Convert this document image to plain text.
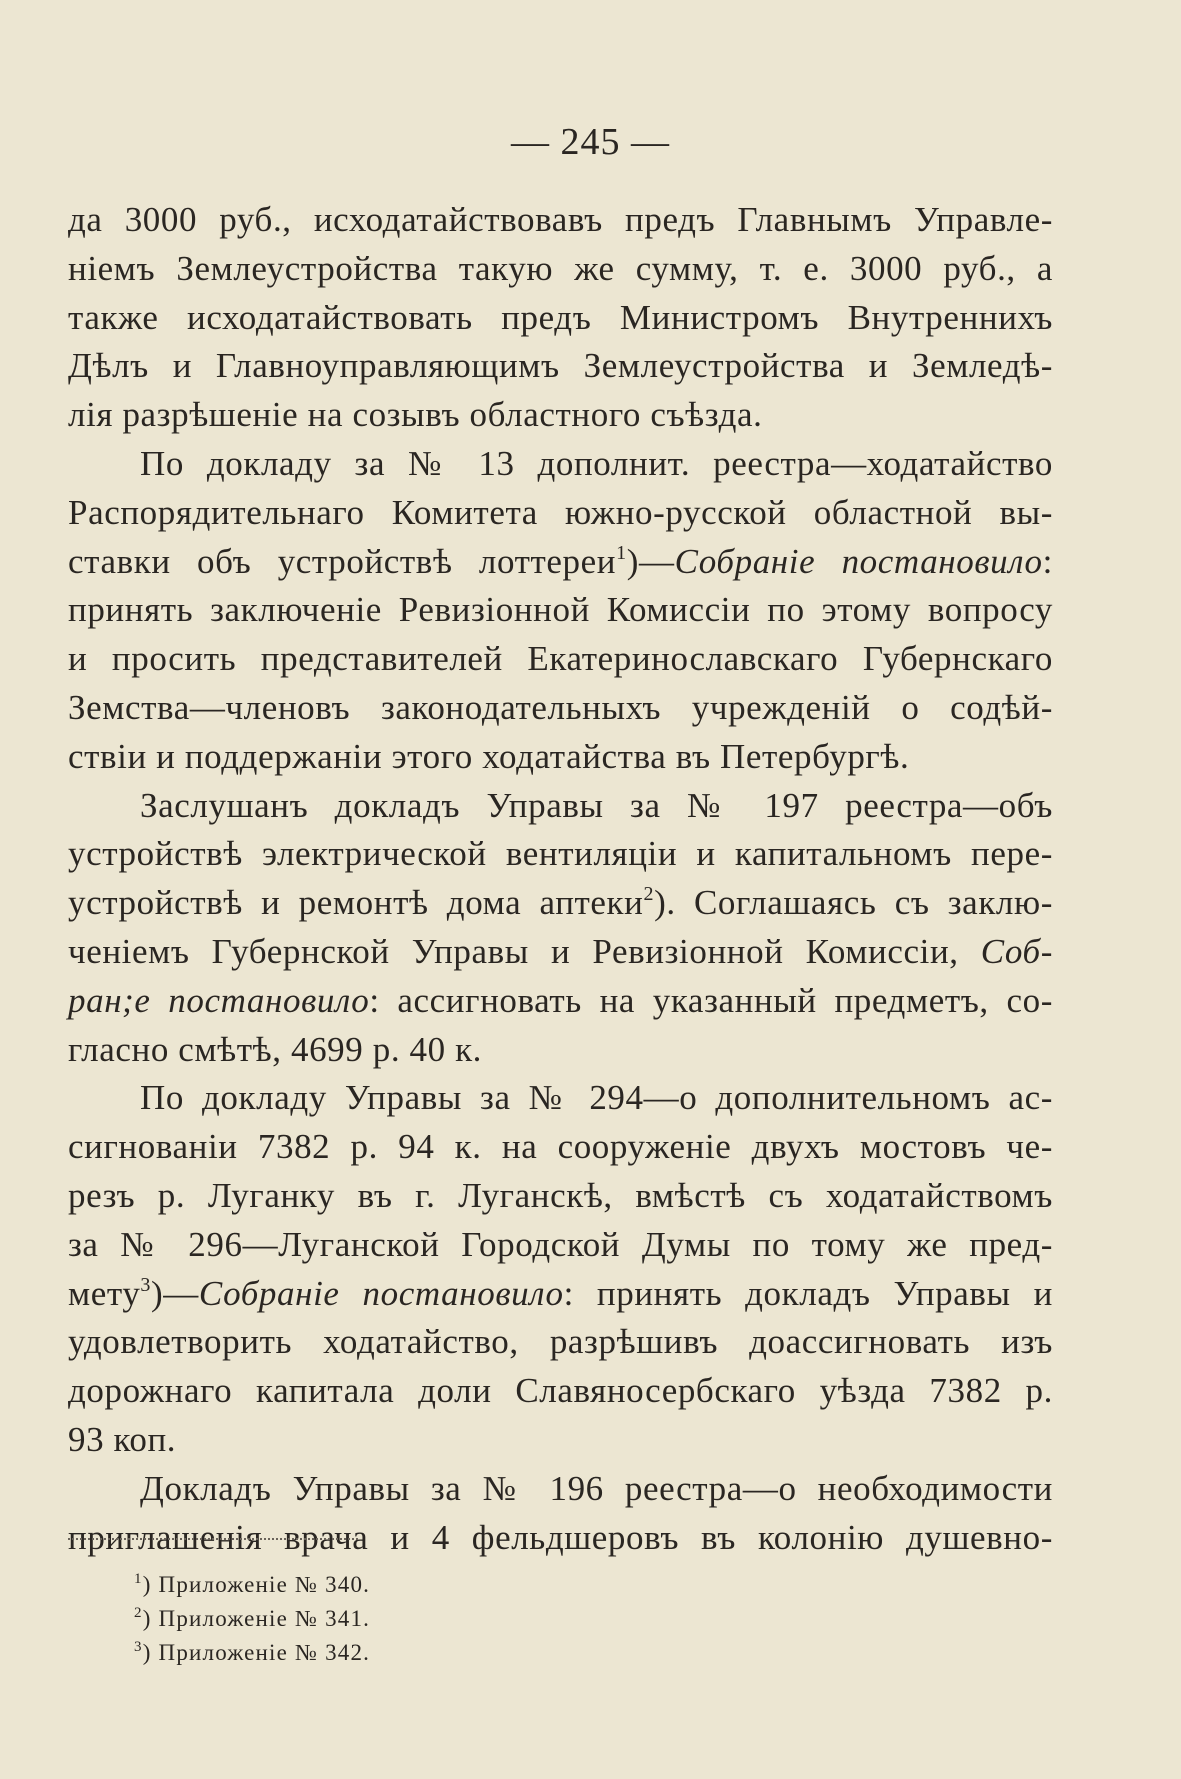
— 245 —
да 3000 руб., исходатайствовавъ предъ Главнымъ Управле-
ніемъ Землеустройства такую же сумму, т. е. 3000 руб., а
также исходатайствовать предъ Министромъ Внутреннихъ
Дѣлъ и Главноуправляющимъ Землеустройства и Земледѣ-
лія разрѣшеніе на созывъ областного съѣзда.
По докладу за № 13 дополнит. реестра—ходатайство
Распорядительнаго Комитета южно-русской областной вы-
ставки объ устройствѣ лоттереи$^1$)—Собраніе постановило:
принять заключеніе Ревизіонной Комиссіи по этому вопросу
и просить представителей Екатеринославскаго Губернскаго
Земства—членовъ законодательныхъ учрежденій о содѣй-
ствіи и поддержаніи этого ходатайства въ Петербургѣ.
Заслушанъ докладъ Управы за № 197 реестра—объ
устройствѣ электрической вентиляціи и капитальномъ пере-
устройствѣ и ремонтѣ дома аптеки$^2$). Соглашаясь съ заклю-
ченіемъ Губернской Управы и Ревизіонной Комиссіи, Соб-
ран;е постановило: ассигновать на указанный предметъ, со-
гласно смѣтѣ, 4699 р. 40 к.
По докладу Управы за № 294—о дополнительномъ ас-
сигнованіи 7382 р. 94 к. на сооруженіе двухъ мостовъ че-
резъ р. Луганку въ г. Луганскѣ, вмѣстѣ съ ходатайствомъ
за № 296—Луганской Городской Думы по тому же пред-
мету$^3$)—Собраніе постановило: принять докладъ Управы и
удовлетворить ходатайство, разрѣшивъ доассигновать изъ
дорожнаго капитала доли Славяносербскаго уѣзда 7382 р.
93 коп.
Докладъ Управы за № 196 реестра—о необходимости
приглашенія врача и 4 фельдшеровъ въ колонію душевно-
$^1$) Приложеніе № 340.
$^2$) Приложеніе № 341.
$^3$) Приложеніе № 342.
